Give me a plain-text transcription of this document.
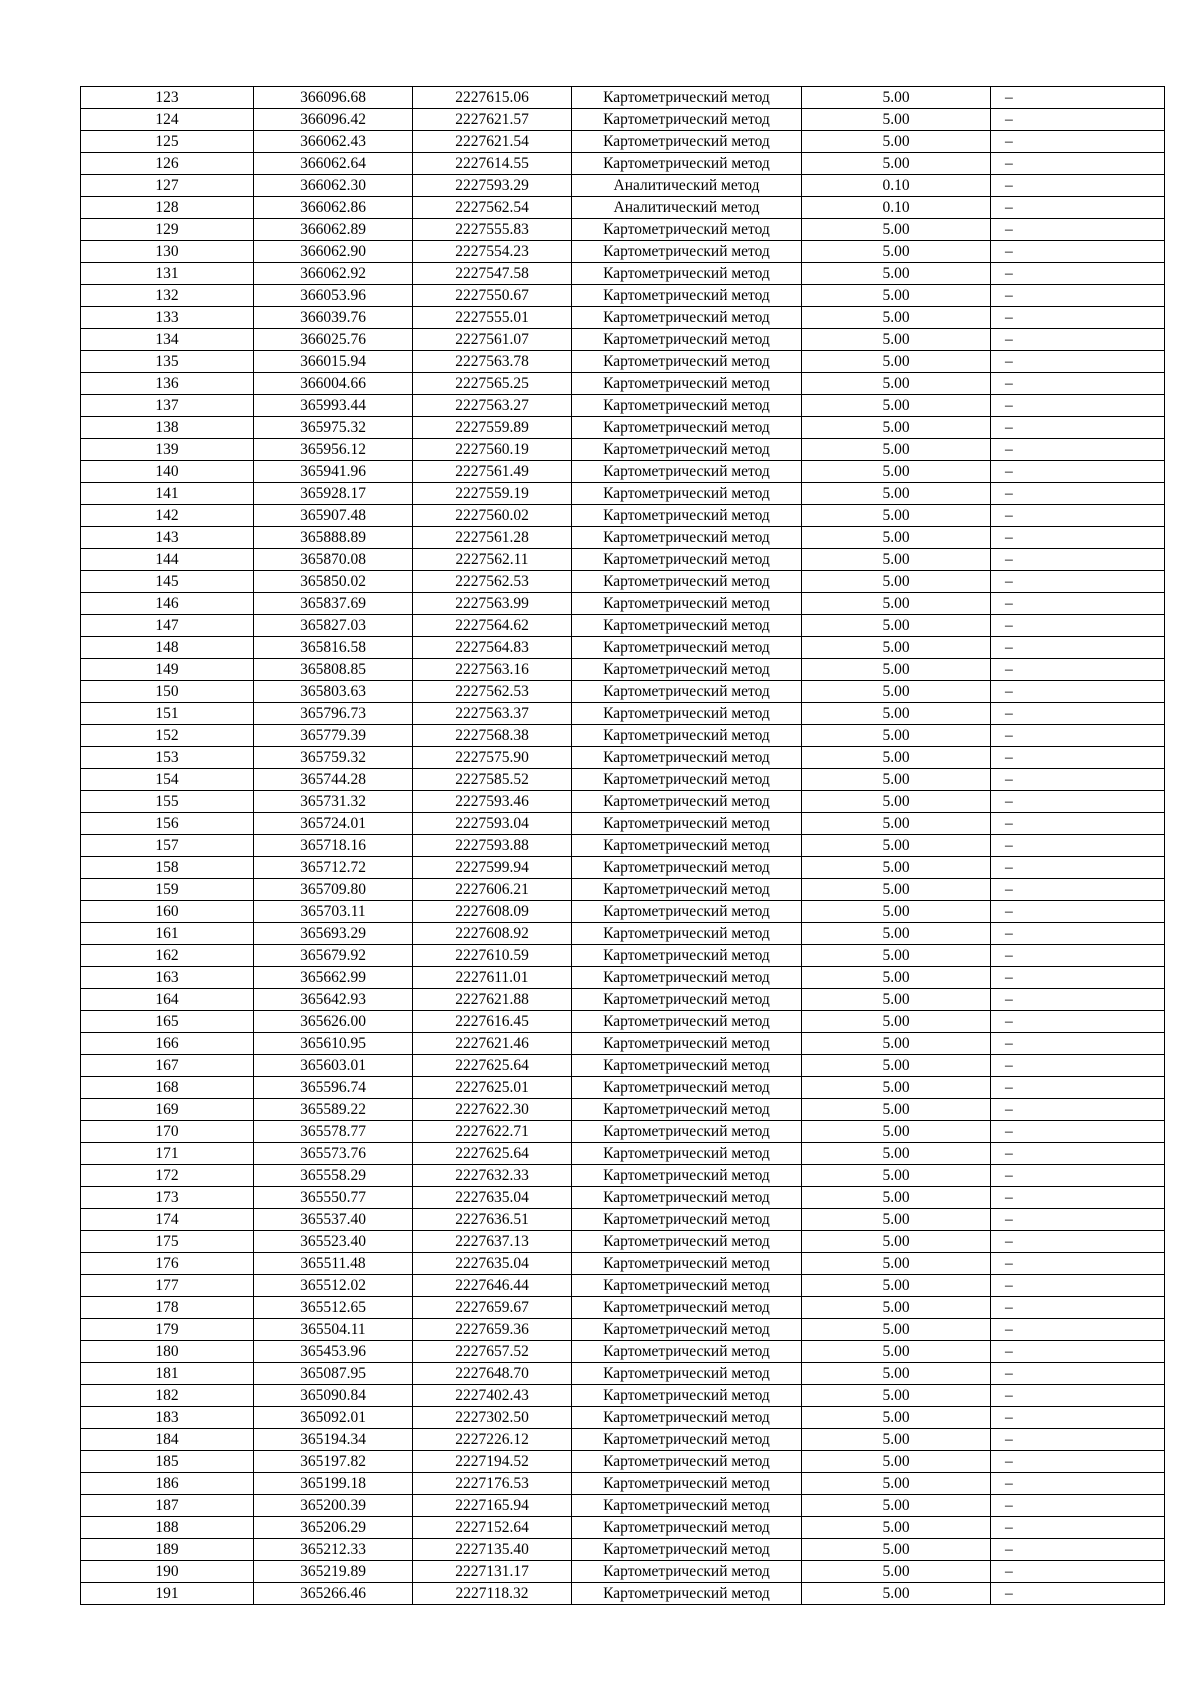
123	366096.68	2227615.06	Картометрический метод	5.00	–
124	366096.42	2227621.57	Картометрический метод	5.00	–
125	366062.43	2227621.54	Картометрический метод	5.00	–
126	366062.64	2227614.55	Картометрический метод	5.00	–
127	366062.30	2227593.29	Аналитический метод	0.10	–
128	366062.86	2227562.54	Аналитический метод	0.10	–
129	366062.89	2227555.83	Картометрический метод	5.00	–
130	366062.90	2227554.23	Картометрический метод	5.00	–
131	366062.92	2227547.58	Картометрический метод	5.00	–
132	366053.96	2227550.67	Картометрический метод	5.00	–
133	366039.76	2227555.01	Картометрический метод	5.00	–
134	366025.76	2227561.07	Картометрический метод	5.00	–
135	366015.94	2227563.78	Картометрический метод	5.00	–
136	366004.66	2227565.25	Картометрический метод	5.00	–
137	365993.44	2227563.27	Картометрический метод	5.00	–
138	365975.32	2227559.89	Картометрический метод	5.00	–
139	365956.12	2227560.19	Картометрический метод	5.00	–
140	365941.96	2227561.49	Картометрический метод	5.00	–
141	365928.17	2227559.19	Картометрический метод	5.00	–
142	365907.48	2227560.02	Картометрический метод	5.00	–
143	365888.89	2227561.28	Картометрический метод	5.00	–
144	365870.08	2227562.11	Картометрический метод	5.00	–
145	365850.02	2227562.53	Картометрический метод	5.00	–
146	365837.69	2227563.99	Картометрический метод	5.00	–
147	365827.03	2227564.62	Картометрический метод	5.00	–
148	365816.58	2227564.83	Картометрический метод	5.00	–
149	365808.85	2227563.16	Картометрический метод	5.00	–
150	365803.63	2227562.53	Картометрический метод	5.00	–
151	365796.73	2227563.37	Картометрический метод	5.00	–
152	365779.39	2227568.38	Картометрический метод	5.00	–
153	365759.32	2227575.90	Картометрический метод	5.00	–
154	365744.28	2227585.52	Картометрический метод	5.00	–
155	365731.32	2227593.46	Картометрический метод	5.00	–
156	365724.01	2227593.04	Картометрический метод	5.00	–
157	365718.16	2227593.88	Картометрический метод	5.00	–
158	365712.72	2227599.94	Картометрический метод	5.00	–
159	365709.80	2227606.21	Картометрический метод	5.00	–
160	365703.11	2227608.09	Картометрический метод	5.00	–
161	365693.29	2227608.92	Картометрический метод	5.00	–
162	365679.92	2227610.59	Картометрический метод	5.00	–
163	365662.99	2227611.01	Картометрический метод	5.00	–
164	365642.93	2227621.88	Картометрический метод	5.00	–
165	365626.00	2227616.45	Картометрический метод	5.00	–
166	365610.95	2227621.46	Картометрический метод	5.00	–
167	365603.01	2227625.64	Картометрический метод	5.00	–
168	365596.74	2227625.01	Картометрический метод	5.00	–
169	365589.22	2227622.30	Картометрический метод	5.00	–
170	365578.77	2227622.71	Картометрический метод	5.00	–
171	365573.76	2227625.64	Картометрический метод	5.00	–
172	365558.29	2227632.33	Картометрический метод	5.00	–
173	365550.77	2227635.04	Картометрический метод	5.00	–
174	365537.40	2227636.51	Картометрический метод	5.00	–
175	365523.40	2227637.13	Картометрический метод	5.00	–
176	365511.48	2227635.04	Картометрический метод	5.00	–
177	365512.02	2227646.44	Картометрический метод	5.00	–
178	365512.65	2227659.67	Картометрический метод	5.00	–
179	365504.11	2227659.36	Картометрический метод	5.00	–
180	365453.96	2227657.52	Картометрический метод	5.00	–
181	365087.95	2227648.70	Картометрический метод	5.00	–
182	365090.84	2227402.43	Картометрический метод	5.00	–
183	365092.01	2227302.50	Картометрический метод	5.00	–
184	365194.34	2227226.12	Картометрический метод	5.00	–
185	365197.82	2227194.52	Картометрический метод	5.00	–
186	365199.18	2227176.53	Картометрический метод	5.00	–
187	365200.39	2227165.94	Картометрический метод	5.00	–
188	365206.29	2227152.64	Картометрический метод	5.00	–
189	365212.33	2227135.40	Картометрический метод	5.00	–
190	365219.89	2227131.17	Картометрический метод	5.00	–
191	365266.46	2227118.32	Картометрический метод	5.00	–
